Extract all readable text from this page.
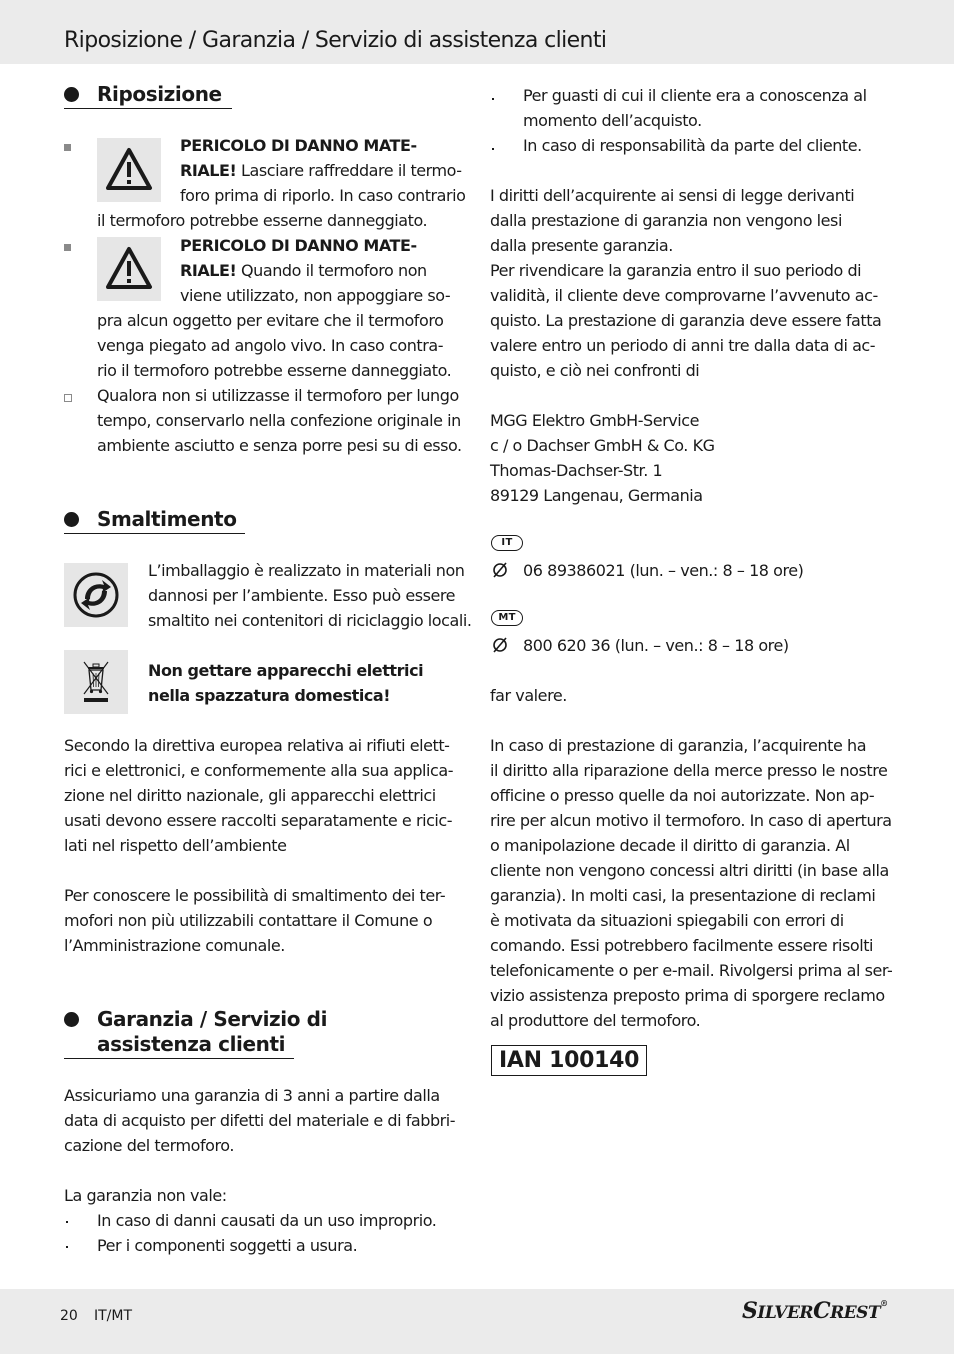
Riposizione / Garanzia / Servizio di assistenza clienti
Riposizione
PERICOLO DI DANNO MATE-
RIALE! Lasciare raffreddare il termo-
foro prima di riporlo. In caso contrario
il termoforo potrebbe esserne danneggiato.
PERICOLO DI DANNO MATE-
RIALE! Quando il termoforo non
viene utilizzato, non appoggiare so-
pra alcun oggetto per evitare che il termoforo
venga piegato ad angolo vivo. In caso contra-
rio il termoforo potrebbe esserne danneggiato.
Qualora non si utilizzasse il termoforo per lungo
tempo, conservarlo nella confezione originale in
ambiente asciutto e senza porre pesi su di esso.
Smaltimento
L’imballaggio è realizzato in materiali non
dannosi per l’ambiente. Esso può essere
smaltito nei contenitori di riciclaggio locali.
Non gettare apparecchi elettrici
nella spazzatura domestica!
Secondo la direttiva europea relativa ai rifiuti elett-
rici e elettronici, e conformemente alla sua applica-
zione nel diritto nazionale, gli apparecchi elettrici
usati devono essere raccolti separatamente e ricic-
lati nel rispetto dell’ambiente
Per conoscere le possibilità di smaltimento dei ter-
mofori non più utilizzabili contattare il Comune o
l’Amministrazione comunale.
Garanzia / Servizio di
assistenza clienti
Assicuriamo una garanzia di 3 anni a partire dalla
data di acquisto per difetti del materiale e di fabbri-
cazione del termoforo.
La garanzia non vale:
In caso di danni causati da un uso improprio.
Per i componenti soggetti a usura.
Per guasti di cui il cliente era a conoscenza al
momento dell’acquisto.
In caso di responsabilità da parte del cliente.
I diritti dell’acquirente ai sensi di legge derivanti
dalla prestazione di garanzia non vengono lesi
dalla presente garanzia.
Per rivendicare la garanzia entro il suo periodo di
validità, il cliente deve comprovarne l’avvenuto ac-
quisto. La prestazione di garanzia deve essere fatta
valere entro un periodo di anni tre dalla data di ac-
quisto, e ciò nei confronti di
MGG Elektro GmbH-Service
c / o Dachser GmbH & Co. KG
Thomas-Dachser-Str. 1
89129 Langenau, Germania
IT
06 89386021 (lun. – ven.: 8 – 18 ore)
MT
800 620 36 (lun. – ven.: 8 – 18 ore)
far valere.
In caso di prestazione di garanzia, l’acquirente ha
il diritto alla riparazione della merce presso le nostre
officine o presso quelle da noi autorizzate. Non ap-
rire per alcun motivo il termoforo. In caso di apertura
o manipolazione decade il diritto di garanzia. Al
cliente non vengono concessi altri diritti (in base alla
garanzia). In molti casi, la presentazione di reclami
è motivata da situazioni spiegabili con errori di
comando. Essi potrebbero facilmente essere risolti
telefonicamente o per e-mail. Rivolgersi prima al ser-
vizio assistenza preposto prima di sporgere reclamo
al produttore del termoforo.
IAN 100140
20 IT/MT	SILVERCREST®
